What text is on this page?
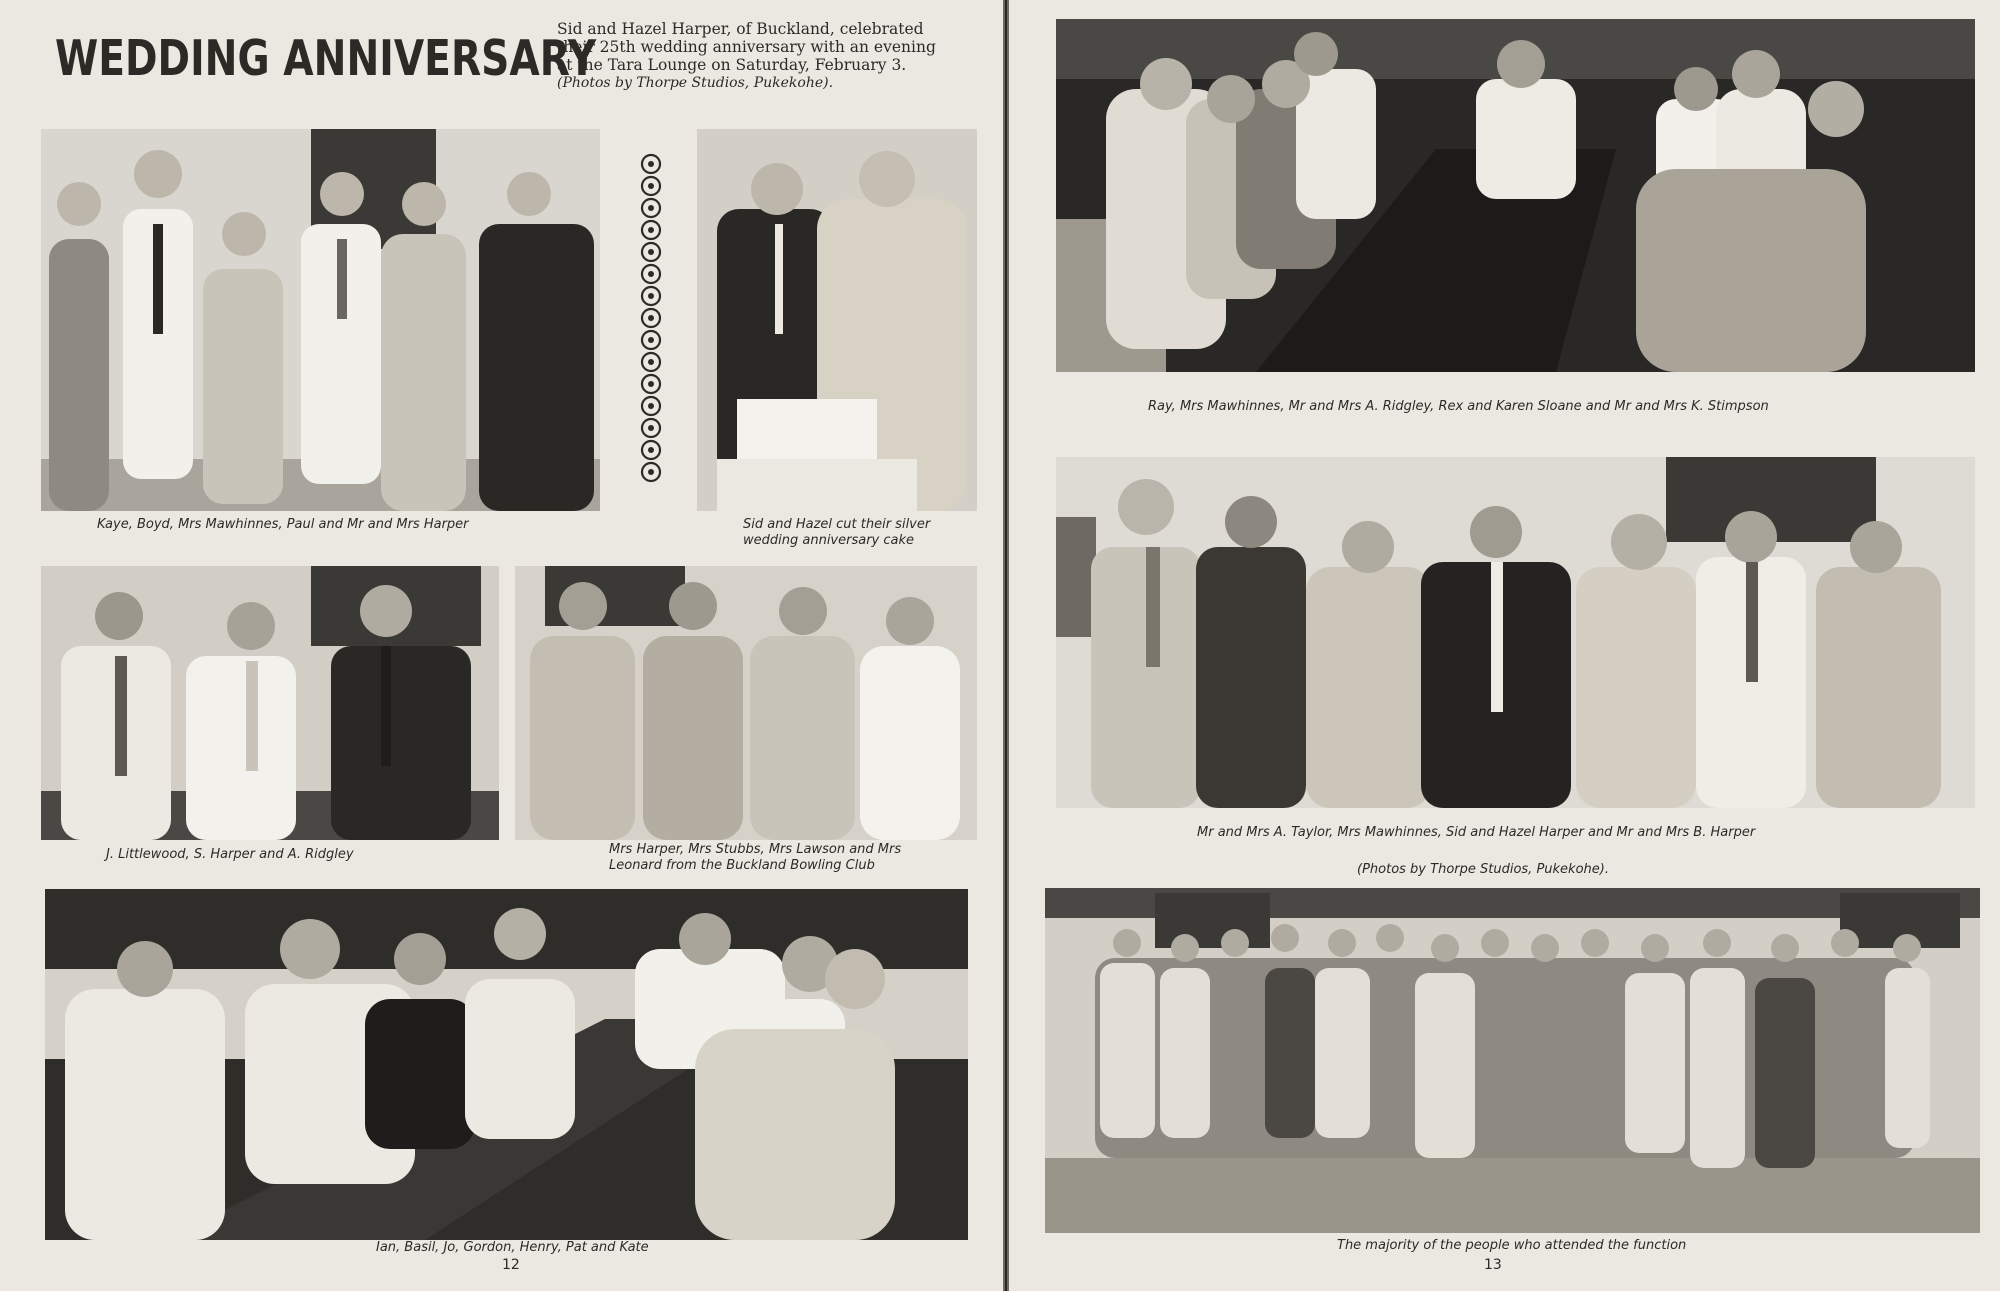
WEDDING ANNIVERSARY
Sid and Hazel Harper, of Buckland, celebrated
their 25th wedding anniversary with an evening
at the Tara Lounge on Saturday, February 3.
(Photos by Thorpe Studios, Pukekohe).
Kaye, Boyd, Mrs Mawhinnes, Paul and Mr and Mrs Harper	Sid and Hazel cut their silver
wedding anniversary cake
J. Littlewood, S. Harper and A. Ridgley	Mrs Harper, Mrs Stubbs, Mrs Lawson and Mrs
Leonard from the Buckland Bowling Club
Ian, Basil, Jo, Gordon, Henry, Pat and Kate
12
Ray, Mrs Mawhinnes, Mr and Mrs A. Ridgley, Rex and Karen Sloane and Mr and Mrs K. Stimpson
Mr and Mrs A. Taylor, Mrs Mawhinnes, Sid and Hazel Harper and Mr and Mrs B. Harper
(Photos by Thorpe Studios, Pukekohe).
The majority of the people who attended the function
13
